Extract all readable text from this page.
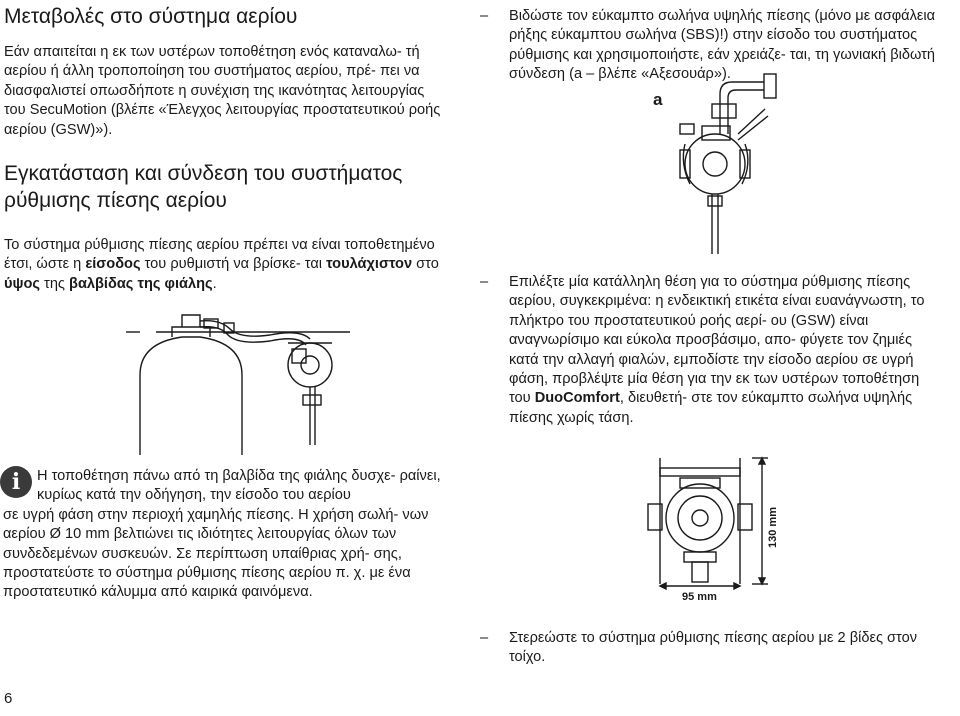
Μεταβολές στο σύστημα αερίου

Εάν απαιτείται η εκ των υστέρων τοποθέτηση ενός καταναλω- τή αερίου ή άλλη τροποποίηση του συστήματος αερίου, πρέ- πει να διασφαλιστεί οπωσδήποτε η συνέχιση της ικανότητας λειτουργίας του SecuMotion (βλέπε «Έλεγχος λειτουργίας προστατευτικού ροής αερίου (GSW)»).

Εγκατάσταση και σύνδεση του συστήματος ρύθμισης πίεσης αερίου

Το σύστημα ρύθμισης πίεσης αερίου πρέπει να είναι τοποθετημένο έτσι, ώστε η είσοδος του ρυθμιστή να βρίσκε- ται τουλάχιστον στο ύψος της βαλβίδας της φιάλης.

i	Η τοποθέτηση πάνω από τη βαλβίδα της φιάλης δυσχε- ραίνει, κυρίως κατά την οδήγηση, την είσοδο του αερίου
σε υγρή φάση στην περιοχή χαμηλής πίεσης. Η χρήση σωλή- νων αερίου Ø 10 mm βελτιώνει τις ιδιότητες λειτουργίας όλων των συνδεδεμένων συσκευών. Σε περίπτωση υπαίθριας χρή- σης, προστατεύστε το σύστημα ρύθμισης πίεσης αερίου π. χ. με ένα προστατευτικό κάλυμμα από καιρικά φαινόμενα.
6
– Βιδώστε τον εύκαμπτο σωλήνα υψηλής πίεσης (μόνο με ασφάλεια ρήξης εύκαμπτου σωλήνα (SBS)!) στην είσοδο του συστήματος ρύθμισης και χρησιμοποιήστε, εάν χρειάζε- ται, τη γωνιακή βιδωτή σύνδεση (a – βλέπε «Αξεσουάρ»).
a
– Επιλέξτε μία κατάλληλη θέση για το σύστημα ρύθμισης πίεσης αερίου, συγκεκριμένα: η ενδεικτική ετικέτα είναι ευανάγνωστη, το πλήκτρο του προστατευτικού ροής αερί- ου (GSW) είναι αναγνωρίσιμο και εύκολα προσβάσιμο, απο- φύγετε τον ζημιές κατά την αλλαγή φιαλών, εμποδίστε την είσοδο αερίου σε υγρή φάση, προβλέψτε μία θέση για την εκ των υστέρων τοποθέτηση του DuoComfort, διευθετή- στε τον εύκαμπτο σωλήνα υψηλής πίεσης χωρίς τάση.
95 mm
130 mm
– Στερεώστε το σύστημα ρύθμισης πίεσης αερίου με 2 βίδες στον τοίχο.
